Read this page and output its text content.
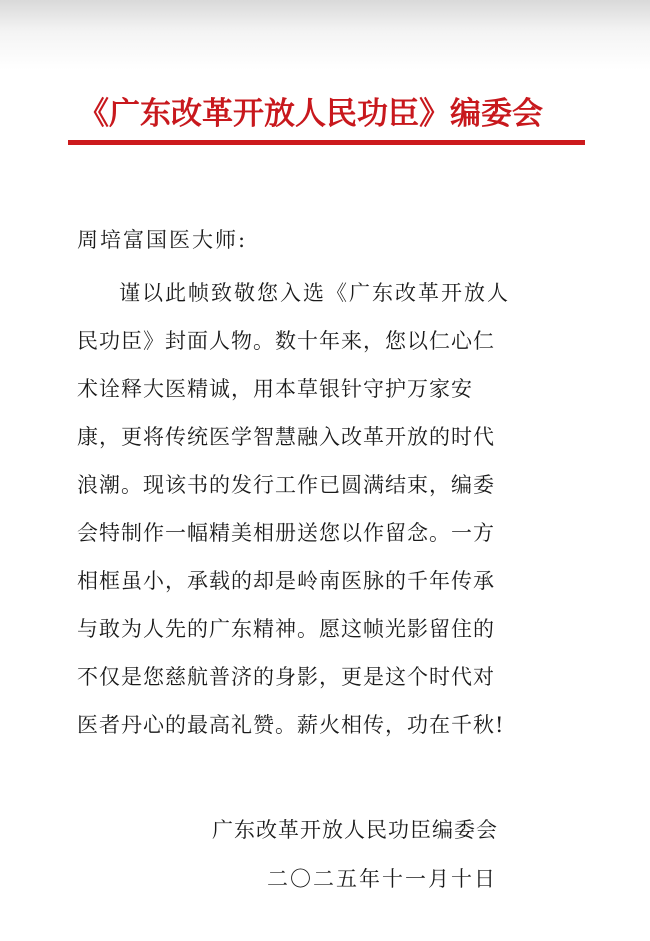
《广东改革开放人民功臣》编委会
周培富国医大师:
谨以此帧致敬您入选《广东改革开放人
民功臣》封面人物。数十年来，您以仁心仁
术诠释大医精诚，用本草银针守护万家安
康，更将传统医学智慧融入改革开放的时代
浪潮。现该书的发行工作已圆满结束，编委
会特制作一幅精美相册送您以作留念。一方
相框虽小，承载的却是岭南医脉的千年传承
与敢为人先的广东精神。愿这帧光影留住的
不仅是您慈航普济的身影，更是这个时代对
医者丹心的最高礼赞。薪火相传，功在千秋!
广东改革开放人民功臣编委会
二〇二五年十一月十日
